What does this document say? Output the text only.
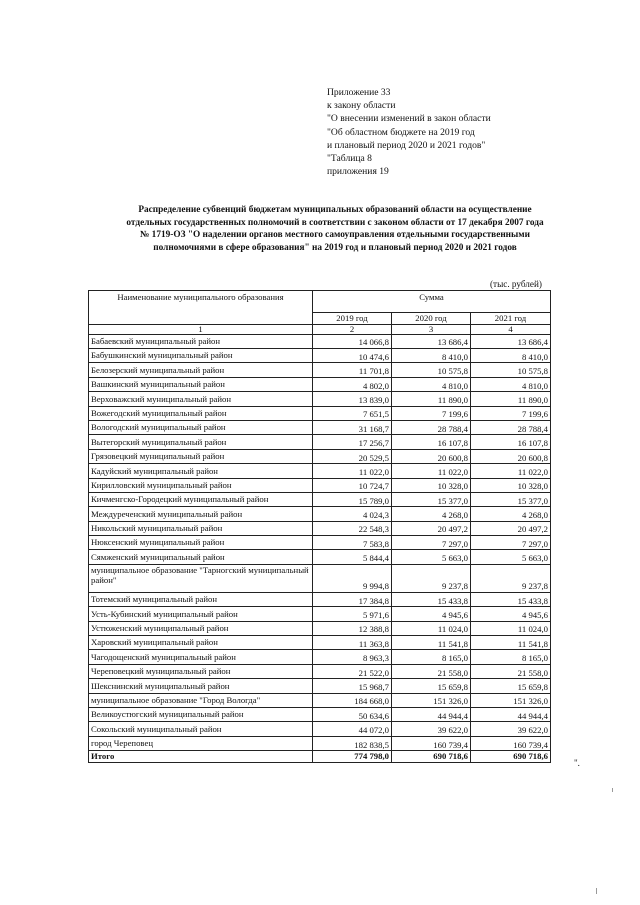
Приложение 33
к закону области
"О внесении изменений в закон области
"Об областном бюджете на 2019 год
и плановый период 2020 и 2021 годов"
"Таблица 8
приложения 19
Распределение субвенций бюджетам муниципальных образований области на осуществление
отдельных государственных полномочий в соответствии с законом области от 17 декабря 2007 года
№ 1719-ОЗ "О наделении органов местного самоуправления отдельными государственными
полномочиями в сфере образования" на 2019 год и плановый период 2020 и 2021 годов
(тыс. рублей)
Наименование муниципального образования	Сумма		
	2019 год	2020 год	2021 год
1	2	3	4
Бабаевский муниципальный район	14 066,8	13 686,4	13 686,4
Бабушкинский муниципальный район	10 474,6	8 410,0	8 410,0
Белозерский муниципальный район	11 701,8	10 575,8	10 575,8
Вашкинский муниципальный район	4 802,0	4 810,0	4 810,0
Верховажский муниципальный район	13 839,0	11 890,0	11 890,0
Вожегодский муниципальный район	7 651,5	7 199,6	7 199,6
Вологодский муниципальный район	31 168,7	28 788,4	28 788,4
Вытегорский муниципальный район	17 256,7	16 107,8	16 107,8
Грязовецкий муниципальный район	20 529,5	20 600,8	20 600,8
Кадуйский муниципальный район	11 022,0	11 022,0	11 022,0
Кирилловский муниципальный район	10 724,7	10 328,0	10 328,0
Кичменгско-Городецкий муниципальный район	15 789,0	15 377,0	15 377,0
Междуреченский муниципальный район	4 024,3	4 268,0	4 268,0
Никольский муниципальный район	22 548,3	20 497,2	20 497,2
Нюксенский муниципальный район	7 583,8	7 297,0	7 297,0
Сямженский муниципальный район	5 844,4	5 663,0	5 663,0
муниципальное образование "Тарногский муниципальный район"	9 994,8	9 237,8	9 237,8
Тотемский муниципальный район	17 384,8	15 433,8	15 433,8
Усть-Кубинский муниципальный район	5 971,6	4 945,6	4 945,6
Устюженский муниципальный район	12 388,8	11 024,0	11 024,0
Харовский муниципальный район	11 363,8	11 541,8	11 541,8
Чагодощенский муниципальный район	8 963,3	8 165,0	8 165,0
Череповецкий муниципальный район	21 522,0	21 558,0	21 558,0
Шекснинский муниципальный район	15 968,7	15 659,8	15 659,8
муниципальное образование "Город Вологда"	184 668,0	151 326,0	151 326,0
Великоустюгский муниципальный район	50 634,6	44 944,4	44 944,4
Сокольский муниципальный район	44 072,0	39 622,0	39 622,0
город Череповец	182 838,5	160 739,4	160 739,4
Итого	774 798,0	690 718,6	690 718,6
".
